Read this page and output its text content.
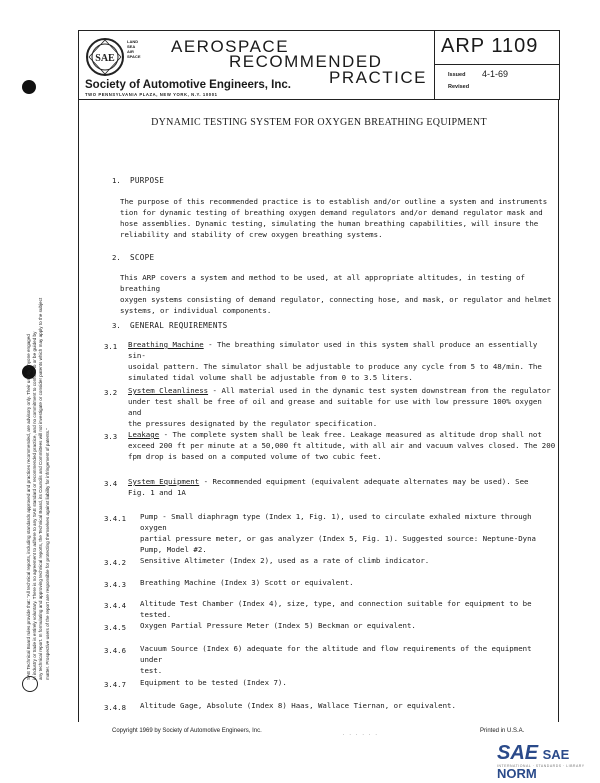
SAE Technical Board rules provide that: "All technical reports, including standards approved and practices recommended, are advisory only. Their use by anyone engaged in industry or trade is entirely voluntary. There is no agreement to adhere to any SAE standard or recommended practice, and no commitment to conform to or be guided by any technical report. In formulating and approving technical reports, the Technical Board, its Councils and Committees will not investigate or consider patents which may apply to the subject matter. Prospective users of the report are responsible for protecting themselves against liability for infringement of patents."
SAE
LAND
SEA
AIR
SPACE
AEROSPACE
RECOMMENDED
PRACTICE
Society of Automotive Engineers, Inc.
TWO PENNSYLVANIA PLAZA, NEW YORK, N.Y. 10001
ARP 1109
Issued 4-1-69
Revised
DYNAMIC TESTING SYSTEM FOR OXYGEN BREATHING EQUIPMENT
1. PURPOSE
The purpose of this recommended practice is to establish and/or outline a system and instruments
tion for dynamic testing of breathing oxygen demand regulators and/or demand regulator mask and
hose assemblies. Dynamic testing, simulating the human breathing capabilities, will insure the
reliability and stability of crew oxygen breathing systems.
2. SCOPE
This ARP covers a system and method to be used, at all appropriate altitudes, in testing of breathing
oxygen systems consisting of demand regulator, connecting hose, and mask, or regulator and helmet
systems, or individual components.
3. GENERAL REQUIREMENTS
3.1 Breathing Machine - The breathing simulator used in this system shall produce an essentially sin-
usoidal pattern. The simulator shall be adjustable to produce any cycle from 5 to 48/min. The
simulated tidal volume shall be adjustable from 0 to 3.5 liters.
3.2 System Cleanliness - All material used in the dynamic test system downstream from the regulator
under test shall be free of oil and grease and suitable for use with low pressure 100% oxygen and
the pressures designated by the regulator specification.
3.3 Leakage - The complete system shall be leak free. Leakage measured as altitude drop shall not
exceed 200 ft per minute at a 50,000 ft altitude, with all air and vacuum valves closed. The 200
fpm drop is based on a computed volume of two cubic feet.
3.4 System Equipment - Recommended equipment (equivalent adequate alternates may be used). See
Fig. 1 and 1A
3.4.1 Pump - Small diaphragm type (Index 1, Fig. 1), used to circulate exhaled mixture through oxygen
partial pressure meter, or gas analyzer (Index 5, Fig. 1). Suggested source: Neptune-Dyna
Pump, Model #2.
3.4.2 Sensitive Altimeter (Index 2), used as a rate of climb indicator.
3.4.3 Breathing Machine (Index 3) Scott or equivalent.
3.4.4 Altitude Test Chamber (Index 4), size, type, and connection suitable for equipment to be tested.
3.4.5 Oxygen Partial Pressure Meter (Index 5) Beckman or equivalent.
3.4.6 Vacuum Source (Index 6) adequate for the altitude and flow requirements of the equipment under
test.
3.4.7 Equipment to be tested (Index 7).
3.4.8 Altitude Gage, Absolute (Index 8) Haas, Wallace Tiernan, or equivalent.
Copyright 1969 by Society of Automotive Engineers, Inc.
. . . . . .
Printed in U.S.A.
SAE SAE NORM
INTERNATIONAL · STANDARDS · LIBRARY
